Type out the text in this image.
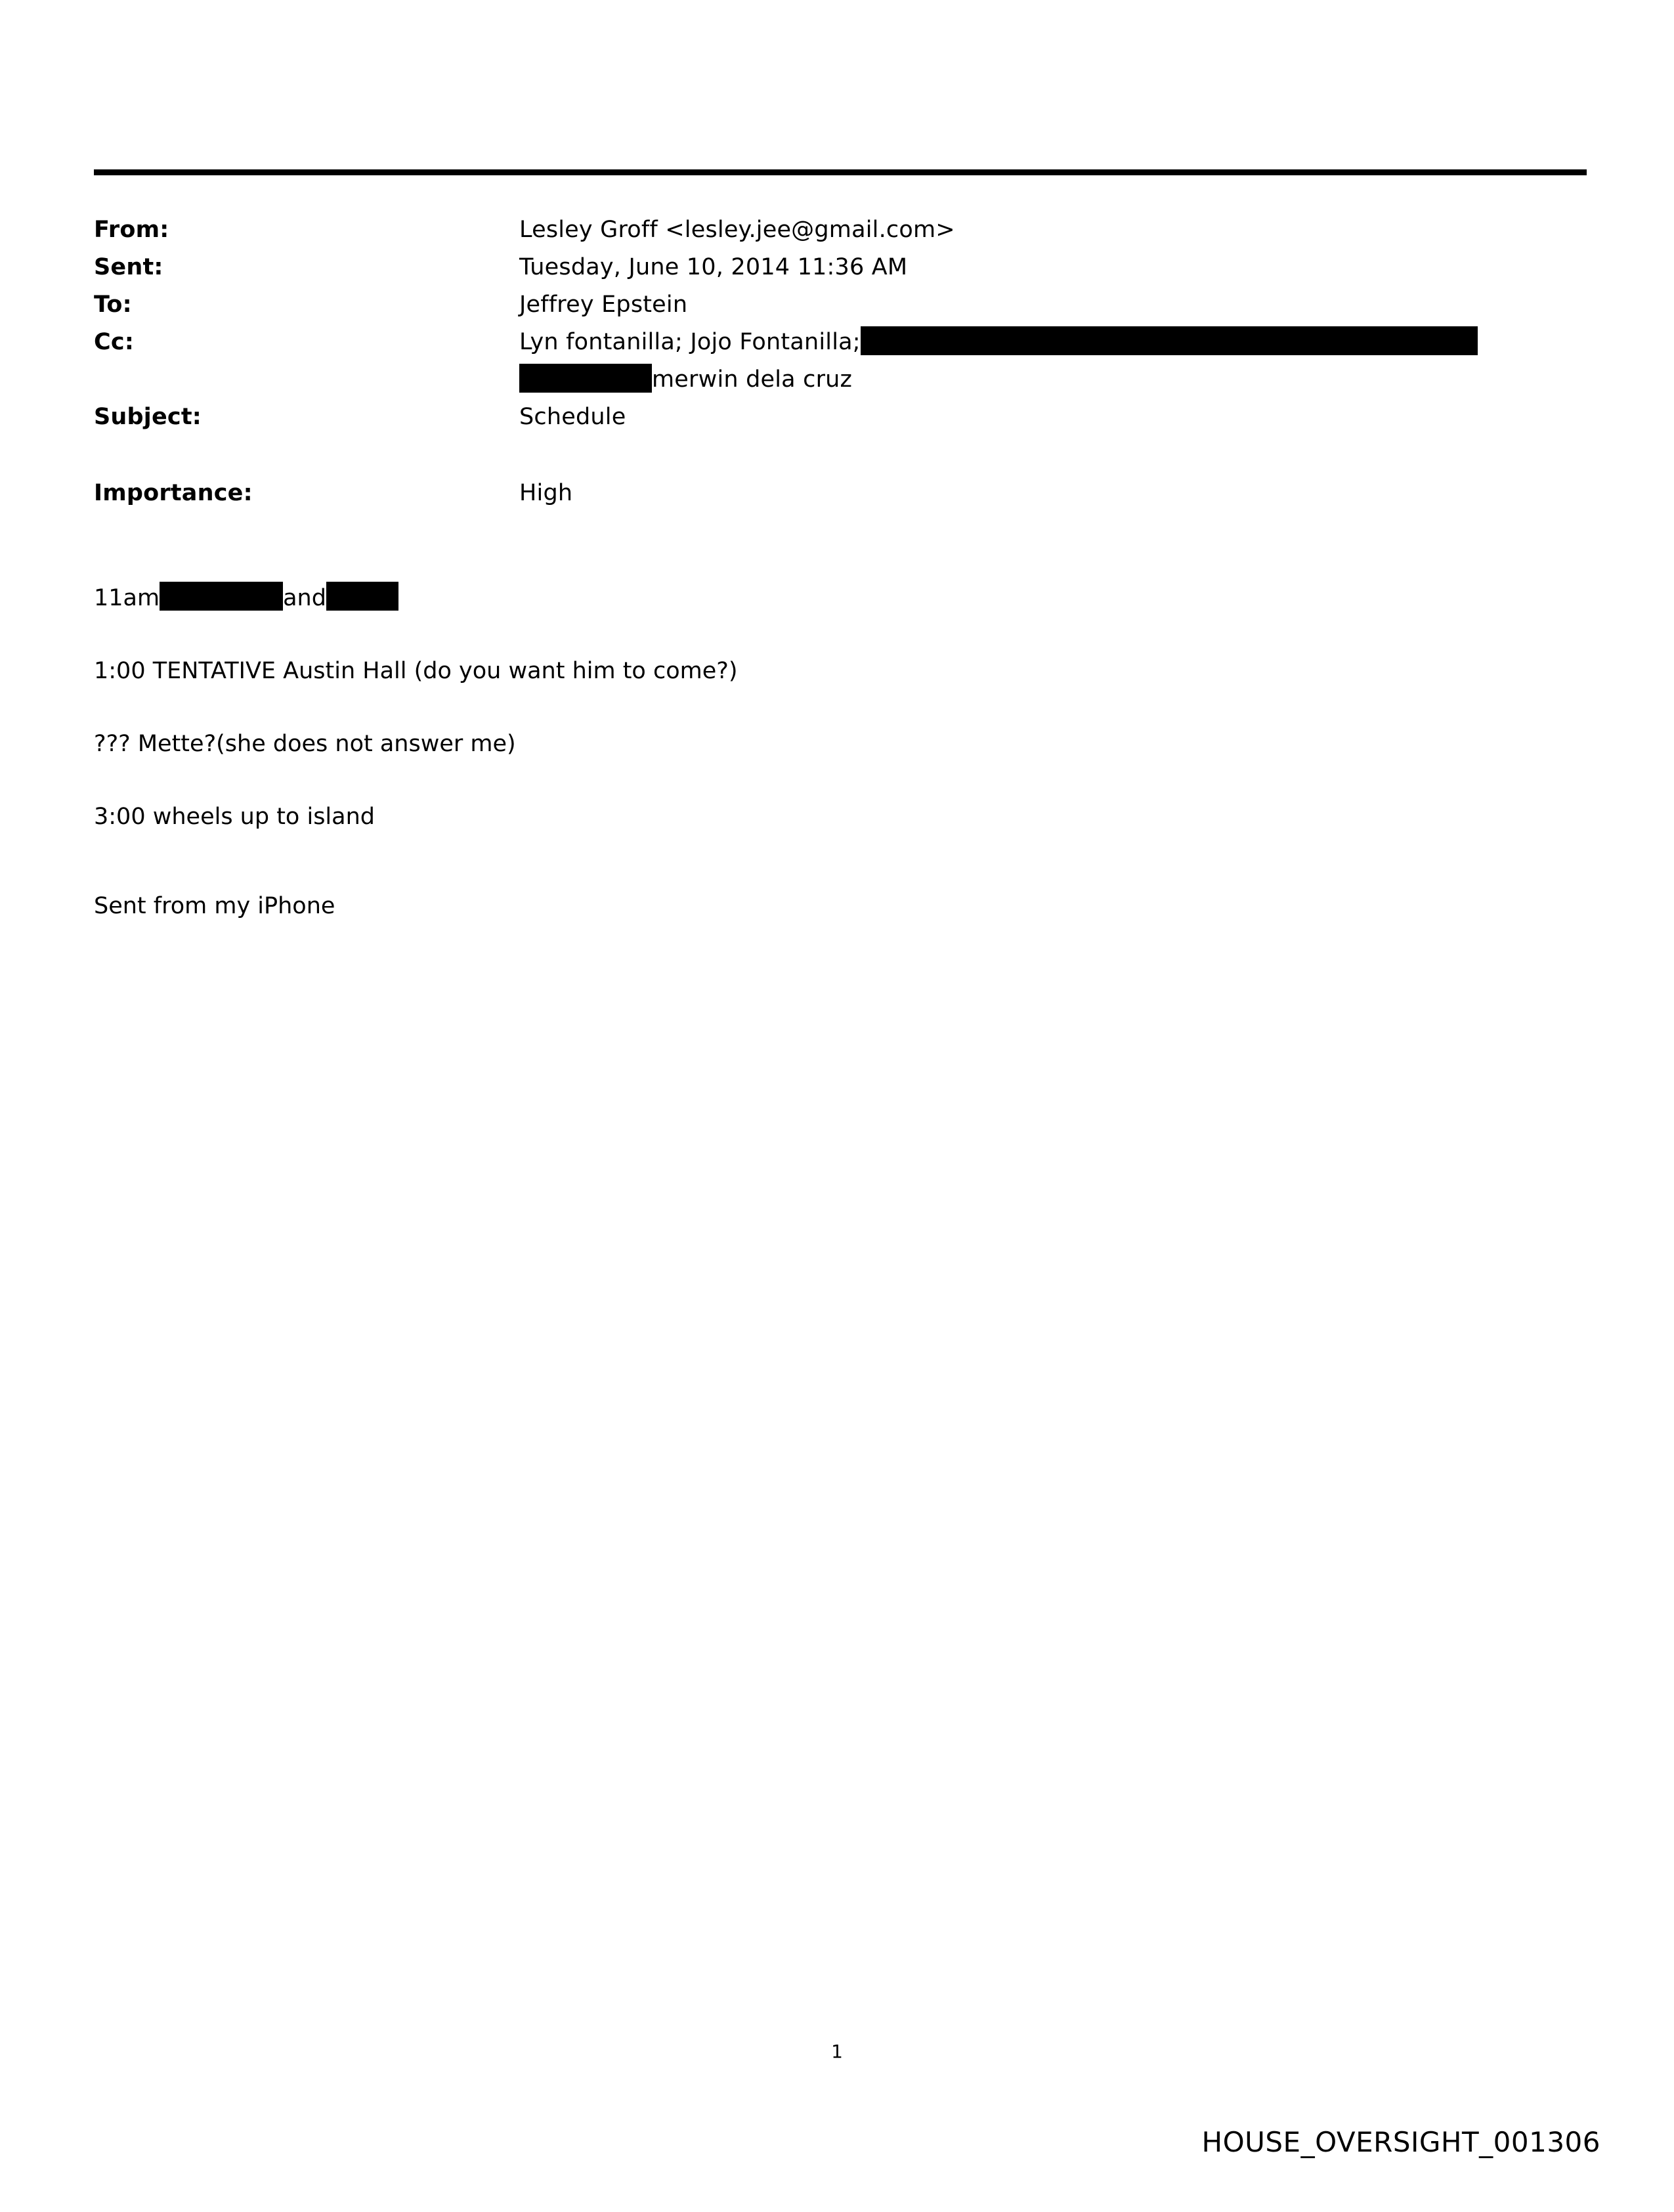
From:	Lesley Groff <lesley.jee@gmail.com>
Sent:	Tuesday, June 10, 2014 11:36 AM
To:	Jeffrey Epstein
Cc:	Lyn fontanilla; Jojo Fontanilla;
merwin dela cruz
Subject:	Schedule
Importance:	High

11am	and

1:00 TENTATIVE Austin Hall (do you want him to come?)

??? Mette?(she does not answer me)

3:00 wheels up to island

Sent from my iPhone

1
HOUSE_OVERSIGHT_001306
